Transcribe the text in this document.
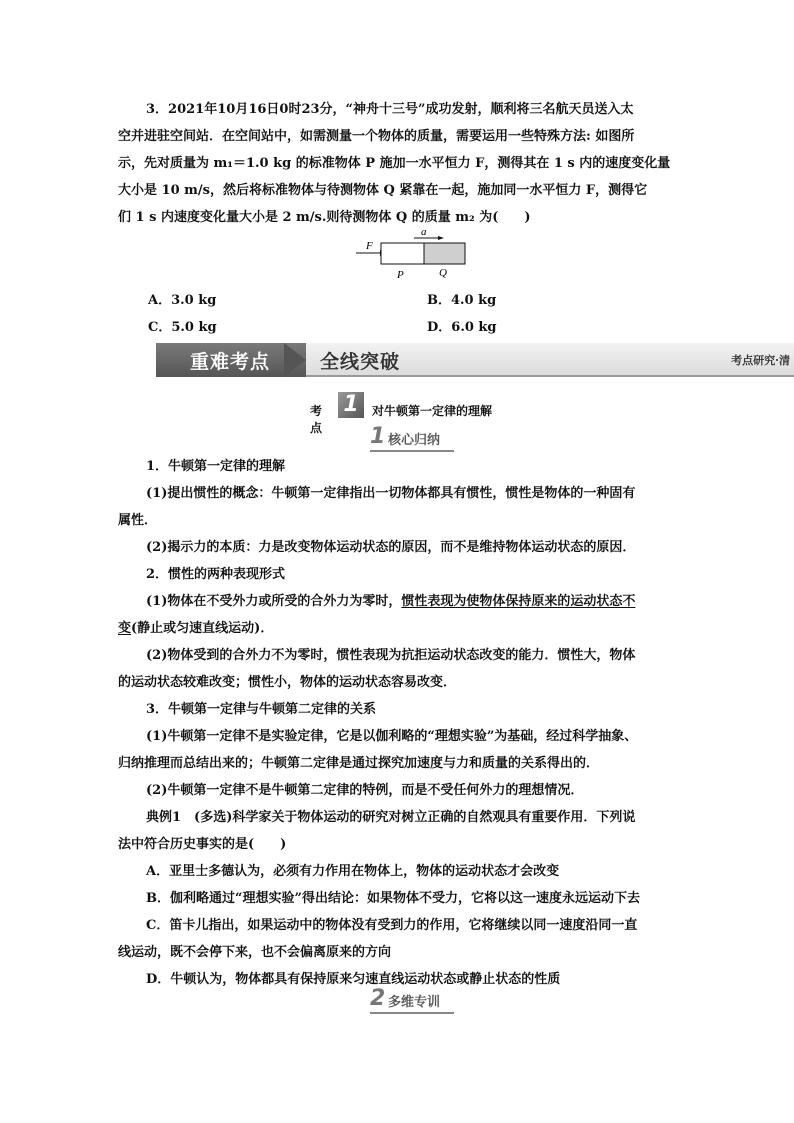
3．2021年10月16日0时23分，“神舟十三号”成功发射，顺利将三名航天员送入太

空并进驻空间站．在空间站中，如需测量一个物体的质量，需要运用一些特殊方法: 如图所

示，先对质量为 m₁＝1.0 kg 的标准物体 P 施加一水平恒力 F，测得其在 1 s 内的速度变化量

大小是 10 m/s，然后将标准物体与待测物体 Q 紧靠在一起，施加同一水平恒力 F，测得它

们 1 s 内速度变化量大小是 2 m/s.则待测物体 Q 的质量 m₂ 为(　　)

F
a
P	Q
A．3.0 kg	B．4.0 kg
C．5.0 kg	D．6.0 kg
重难考点	全线突破	考点研究·清
考点
1	对牛顿第一定律的理解
1 核心归纳

1．牛顿第一定律的理解

(1)提出惯性的概念：牛顿第一定律指出一切物体都具有惯性，惯性是物体的一种固有

属性．

(2)揭示力的本质：力是改变物体运动状态的原因，而不是维持物体运动状态的原因．

2．惯性的两种表现形式

(1)物体在不受外力或所受的合外力为零时，惯性表现为使物体保持原来的运动状态不

变(静止或匀速直线运动)．

(2)物体受到的合外力不为零时，惯性表现为抗拒运动状态改变的能力．惯性大，物体

的运动状态较难改变；惯性小，物体的运动状态容易改变．

3．牛顿第一定律与牛顿第二定律的关系

(1)牛顿第一定律不是实验定律，它是以伽利略的“理想实验”为基础，经过科学抽象、

归纳推理而总结出来的；牛顿第二定律是通过探究加速度与力和质量的关系得出的．

(2)牛顿第一定律不是牛顿第二定律的特例，而是不受任何外力的理想情况．

典例1　(多选)科学家关于物体运动的研究对树立正确的自然观具有重要作用．下列说

法中符合历史事实的是(　　)

A．亚里士多德认为，必须有力作用在物体上，物体的运动状态才会改变

B．伽利略通过“理想实验”得出结论：如果物体不受力，它将以这一速度永远运动下去

C．笛卡儿指出，如果运动中的物体没有受到力的作用，它将继续以同一速度沿同一直

线运动，既不会停下来，也不会偏离原来的方向

D．牛顿认为，物体都具有保持原来匀速直线运动状态或静止状态的性质

2 多维专训
